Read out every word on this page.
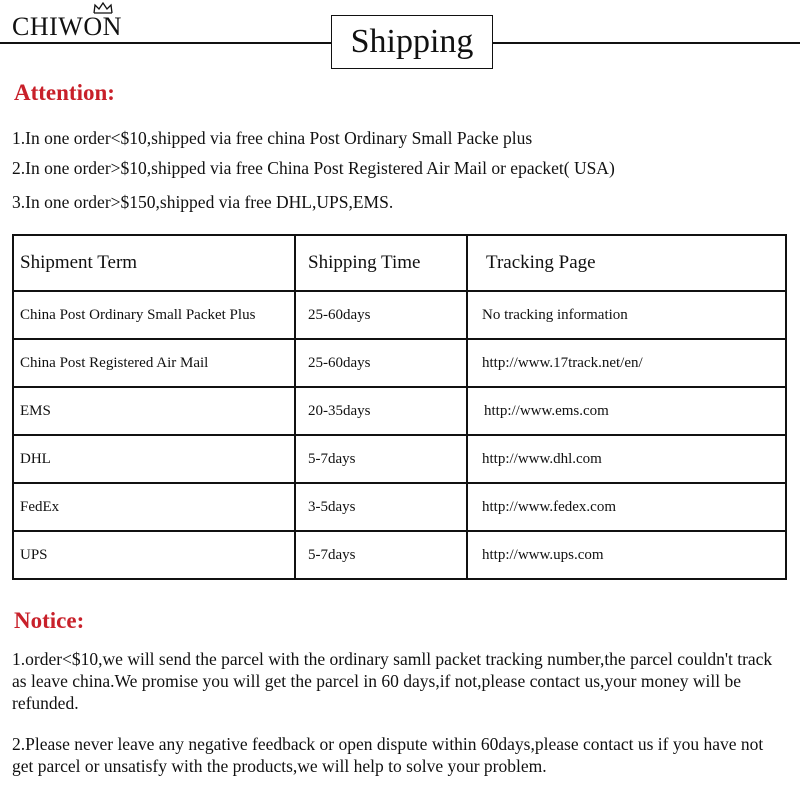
CHIWON	Shipping
Attention:
1.In one order<$10,shipped via free china Post Ordinary Small Packe plus
2.In one order>$10,shipped via free China Post Registered Air Mail or epacket( USA)
3.In one order>$150,shipped via free DHL,UPS,EMS.
Shipment Term	Shipping Time	Tracking Page
China Post Ordinary Small Packet Plus	25-60days	No tracking information
China Post Registered Air Mail	25-60days	http://www.17track.net/en/
EMS	20-35days	http://www.ems.com
DHL	5-7days	http://www.dhl.com
FedEx	3-5days	http://www.fedex.com
UPS	5-7days	http://www.ups.com
Notice:
1.order<$10,we will send the parcel with the ordinary samll packet tracking number,the parcel couldn't track as leave china.We promise you will get the parcel in 60 days,if not,please contact us,your money will be refunded.
2.Please never leave any negative feedback or open dispute within 60days,please contact us if you have not get parcel or unsatisfy with the products,we will help to solve your problem.
